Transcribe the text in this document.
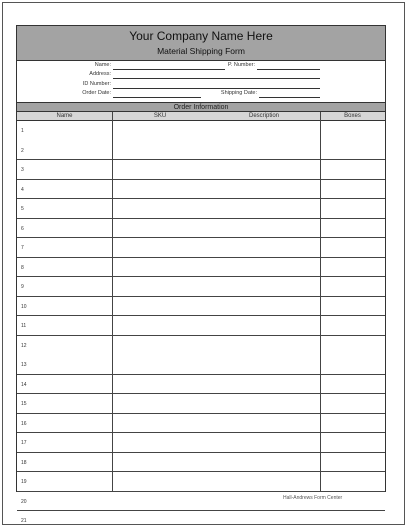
Your Company Name Here
Material Shipping Form
Name:	P. Number:
Address:
ID Number:
Order Date:	Shipping Date:
Order Information
Name	SKU	Description	Boxes
1
2
3
4
5
6
7
8
9
10
11
12
13
14
15
16
17
18
19
20
21
Hall-Andrews Form Center
